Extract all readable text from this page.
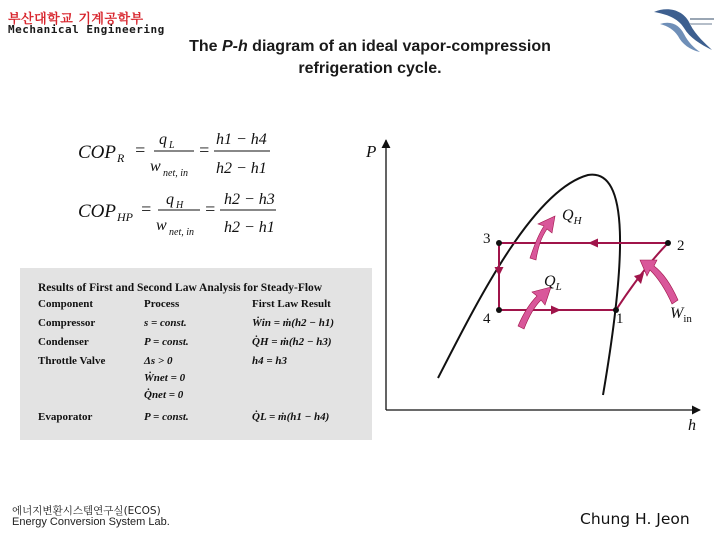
부산대학교 기계공학부
Mechanical Engineering
The P-h diagram of an ideal vapor-compression
refrigeration cycle.
COP R =
q L
w net, in
=
h1 − h4
h2 − h1
COP HP = q H
w net, in
= h2 − h3
h2 − h1
Results of First and Second Law Analysis for Steady-Flow
Component	Process	First Law Result
Compressor	s = const.	Ẇin = ṁ(h2 − h1)
Condenser	P = const.	Q̇H = ṁ(h2 − h3)
Throttle Valve	Δs > 0	h4 = h3
Ẇnet = 0
Q̇net = 0
Evaporator	P = const.	Q̇L = ṁ(h1 − h4)
P
h
3	2
4	1
$Q_H$
$Q_L$
$W_{in}$
에너지변환시스템연구실(ECOS)
Energy Conversion System Lab.	Chung H. Jeon
